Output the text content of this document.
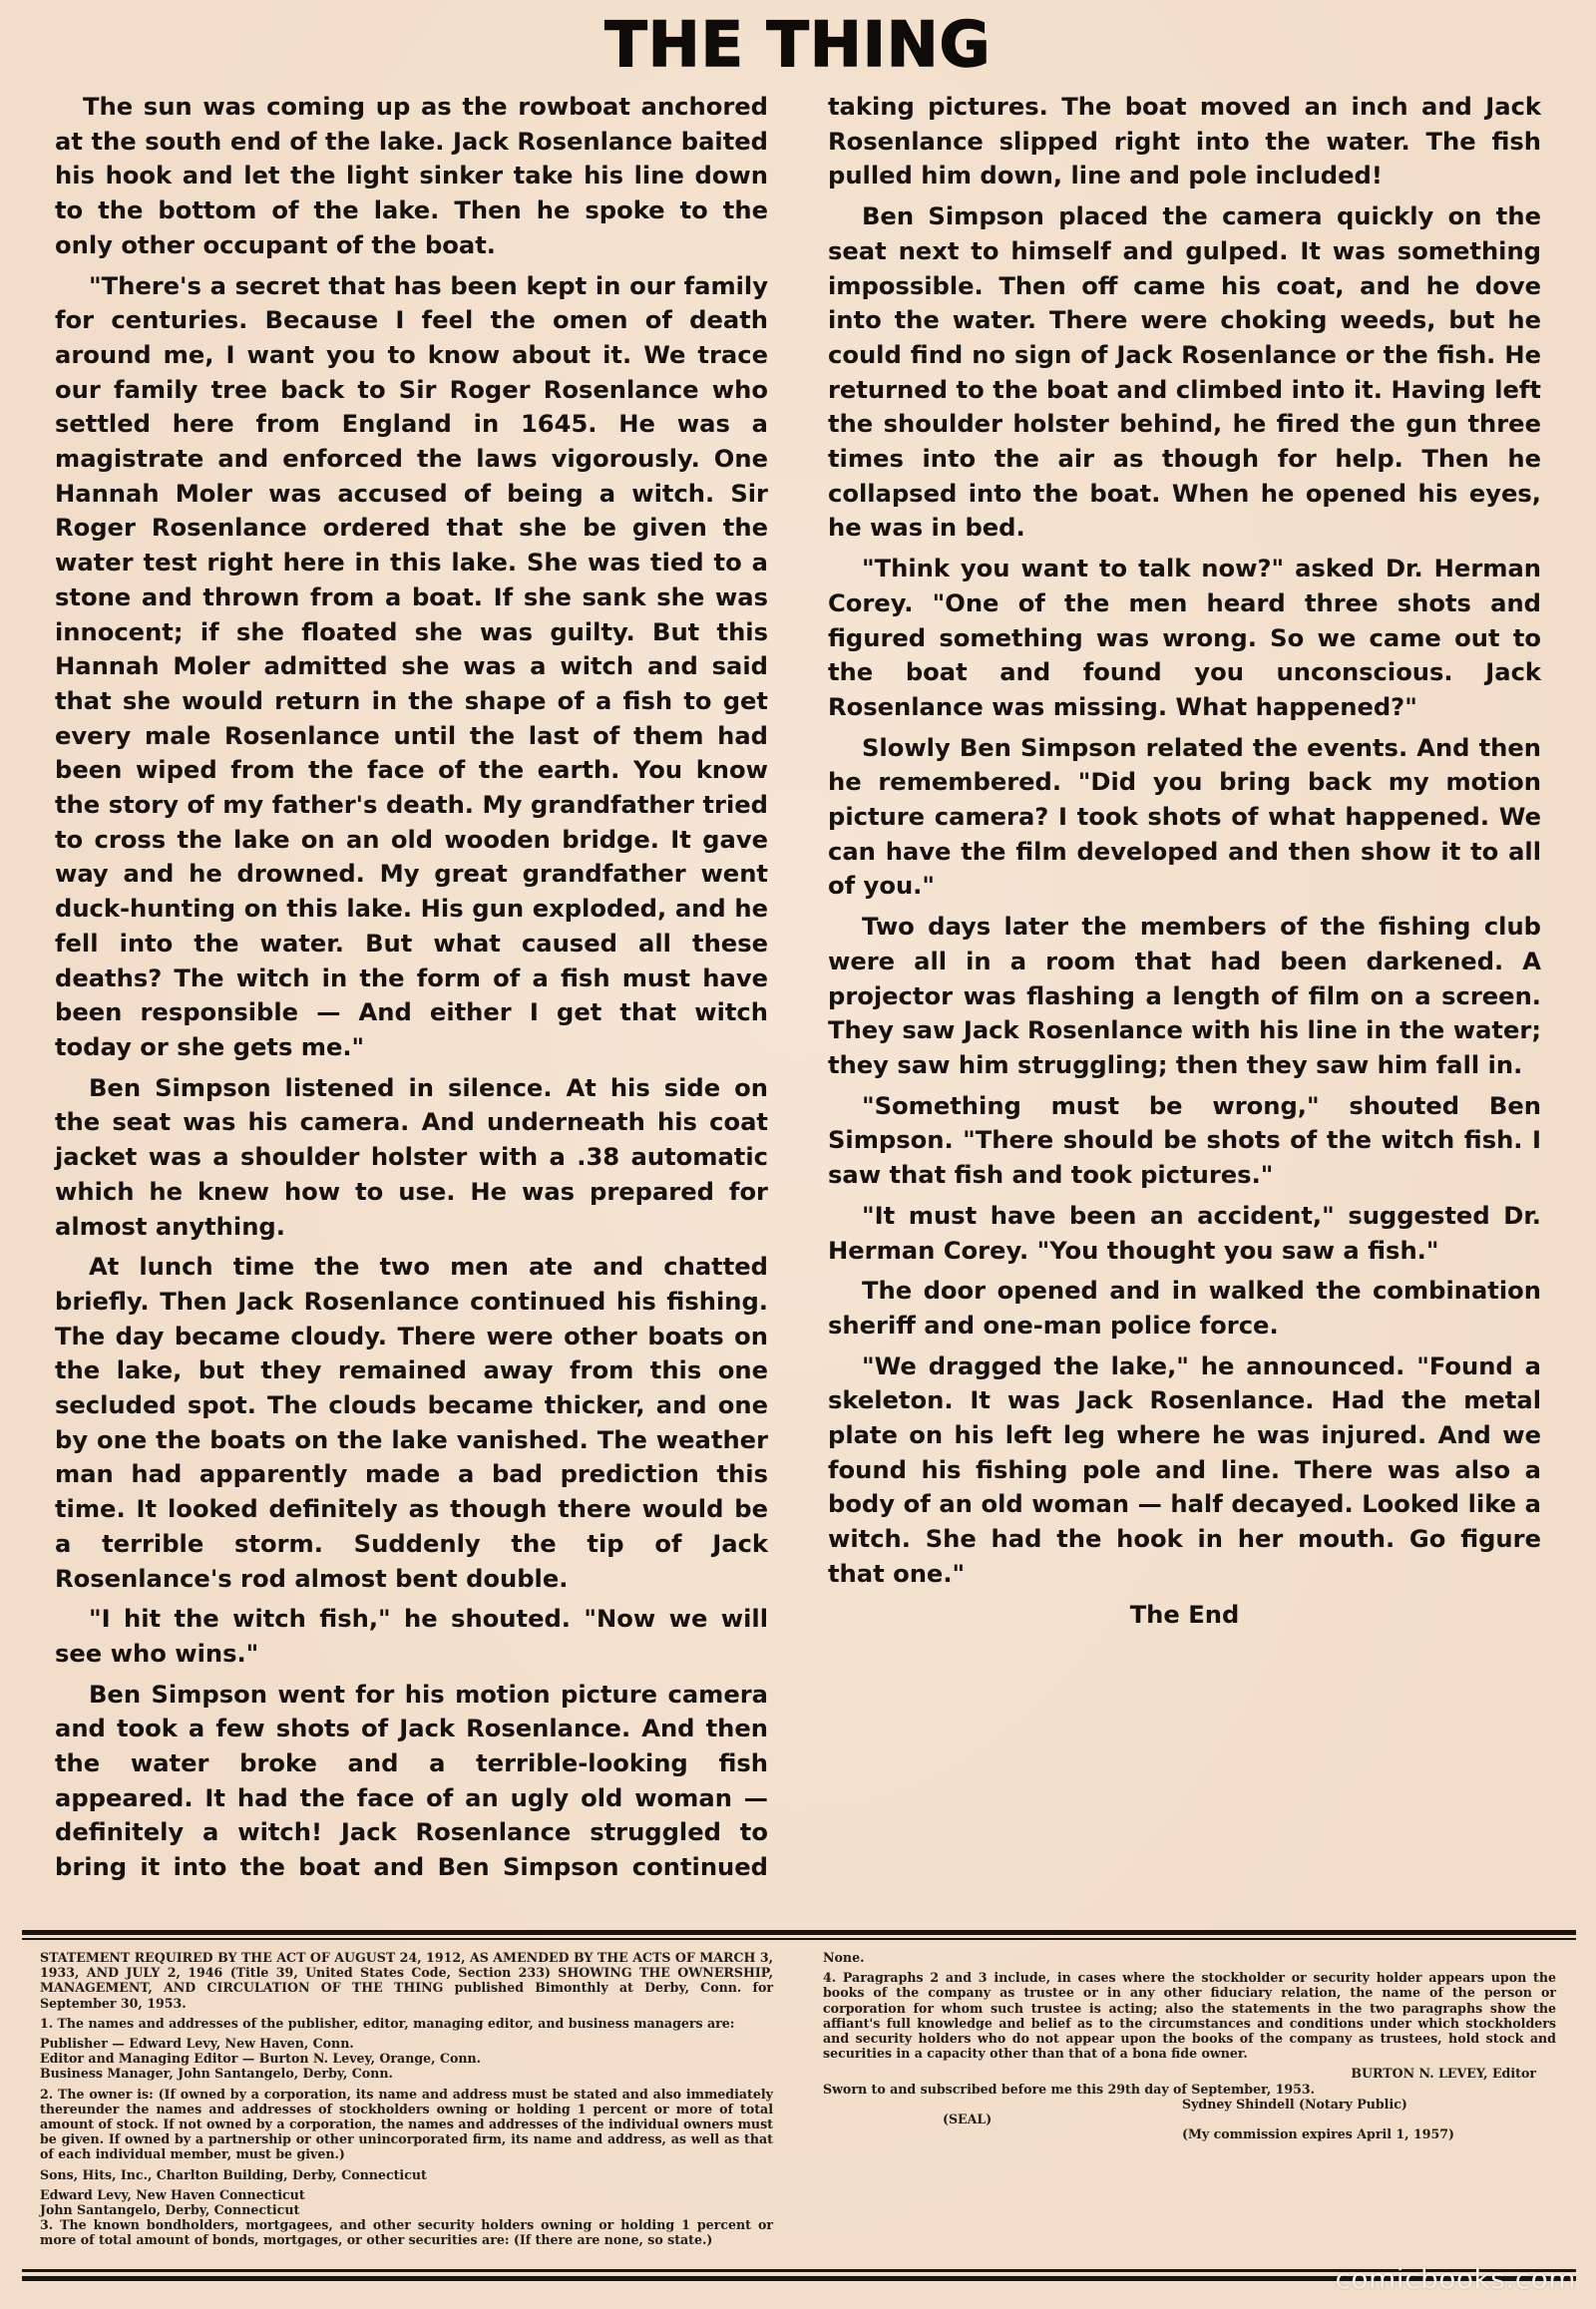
THE THING

The sun was coming up as the rowboat anchored at the south end of the lake. Jack Rosenlance baited his hook and let the light sinker take his line down to the bottom of the lake. Then he spoke to the only other occupant of the boat.

"There's a secret that has been kept in our family for centuries. Because I feel the omen of death around me, I want you to know about it. We trace our family tree back to Sir Roger Rosenlance who settled here from England in 1645. He was a magistrate and enforced the laws vigorously. One Hannah Moler was accused of being a witch. Sir Roger Rosenlance ordered that she be given the water test right here in this lake. She was tied to a stone and thrown from a boat. If she sank she was innocent; if she floated she was guilty. But this Hannah Moler admitted she was a witch and said that she would return in the shape of a fish to get every male Rosenlance until the last of them had been wiped from the face of the earth. You know the story of my father's death. My grandfather tried to cross the lake on an old wooden bridge. It gave way and he drowned. My great grandfather went duck-hunting on this lake. His gun exploded, and he fell into the water. But what caused all these deaths? The witch in the form of a fish must have been responsible — And either I get that witch today or she gets me."

Ben Simpson listened in silence. At his side on the seat was his camera. And underneath his coat jacket was a shoulder holster with a .38 automatic which he knew how to use. He was prepared for almost anything.

At lunch time the two men ate and chatted briefly. Then Jack Rosenlance continued his fishing. The day became cloudy. There were other boats on the lake, but they remained away from this one secluded spot. The clouds became thicker, and one by one the boats on the lake vanished. The weather man had apparently made a bad prediction this time. It looked definitely as though there would be a terrible storm. Suddenly the tip of Jack Rosenlance's rod almost bent double.

"I hit the witch fish," he shouted. "Now we will see who wins."

Ben Simpson went for his motion picture camera and took a few shots of Jack Rosenlance. And then the water broke and a terrible-looking fish appeared. It had the face of an ugly old woman — definitely a witch! Jack Rosenlance struggled to bring it into the boat and Ben Simpson continued taking pictures. The boat moved an inch and Jack Rosenlance slipped right into the water. The fish pulled him down, line and pole included!

Ben Simpson placed the camera quickly on the seat next to himself and gulped. It was something impossible. Then off came his coat, and he dove into the water. There were choking weeds, but he could find no sign of Jack Rosenlance or the fish. He returned to the boat and climbed into it. Having left the shoulder holster behind, he fired the gun three times into the air as though for help. Then he collapsed into the boat. When he opened his eyes, he was in bed.

"Think you want to talk now?" asked Dr. Herman Corey. "One of the men heard three shots and figured something was wrong. So we came out to the boat and found you unconscious. Jack Rosenlance was missing. What happened?"

Slowly Ben Simpson related the events. And then he remembered. "Did you bring back my motion picture camera? I took shots of what happened. We can have the film developed and then show it to all of you."

Two days later the members of the fishing club were all in a room that had been darkened. A projector was flashing a length of film on a screen. They saw Jack Rosenlance with his line in the water; they saw him struggling; then they saw him fall in.

"Something must be wrong," shouted Ben Simpson. "There should be shots of the witch fish. I saw that fish and took pictures."

"It must have been an accident," suggested Dr. Herman Corey. "You thought you saw a fish."

The door opened and in walked the combination sheriff and one-man police force.

"We dragged the lake," he announced. "Found a skeleton. It was Jack Rosenlance. Had the metal plate on his left leg where he was injured. And we found his fishing pole and line. There was also a body of an old woman — half decayed. Looked like a witch. She had the hook in her mouth. Go figure that one."

The End

STATEMENT REQUIRED BY THE ACT OF AUGUST 24, 1912, AS AMENDED BY THE ACTS OF MARCH 3, 1933, AND JULY 2, 1946 (Title 39, United States Code, Section 233) SHOWING THE OWNERSHIP, MANAGEMENT, AND CIRCULATION OF THE THING published Bimonthly at Derby, Conn. for September 30, 1953.

1. The names and addresses of the publisher, editor, managing editor, and business managers are:

Publisher — Edward Levy, New Haven, Conn.

Editor and Managing Editor — Burton N. Levey, Orange, Conn.

Business Manager, John Santangelo, Derby, Conn.

2. The owner is: (If owned by a corporation, its name and address must be stated and also immediately thereunder the names and addresses of stockholders owning or holding 1 percent or more of total amount of stock. If not owned by a corporation, the names and addresses of the individual owners must be given. If owned by a partnership or other unincorporated firm, its name and address, as well as that of each individual member, must be given.)

Sons, Hits, Inc., Charlton Building, Derby, Connecticut

Edward Levy, New Haven Connecticut

John Santangelo, Derby, Connecticut

3. The known bondholders, mortgagees, and other security holders owning or holding 1 percent or more of total amount of bonds, mortgages, or other securities are: (If there are none, so state.)

None.

4. Paragraphs 2 and 3 include, in cases where the stockholder or security holder appears upon the books of the company as trustee or in any other fiduciary relation, the name of the person or corporation for whom such trustee is acting; also the statements in the two paragraphs show the affiant's full knowledge and belief as to the circumstances and conditions under which stockholders and security holders who do not appear upon the books of the company as trustees, hold stock and securities in a capacity other than that of a bona fide owner.

BURTON N. LEVEY, Editor

Sworn to and subscribed before me this 29th day of September, 1953.

Sydney Shindell (Notary Public)

(SEAL)

(My commission expires April 1, 1957)

comicbooks.com
